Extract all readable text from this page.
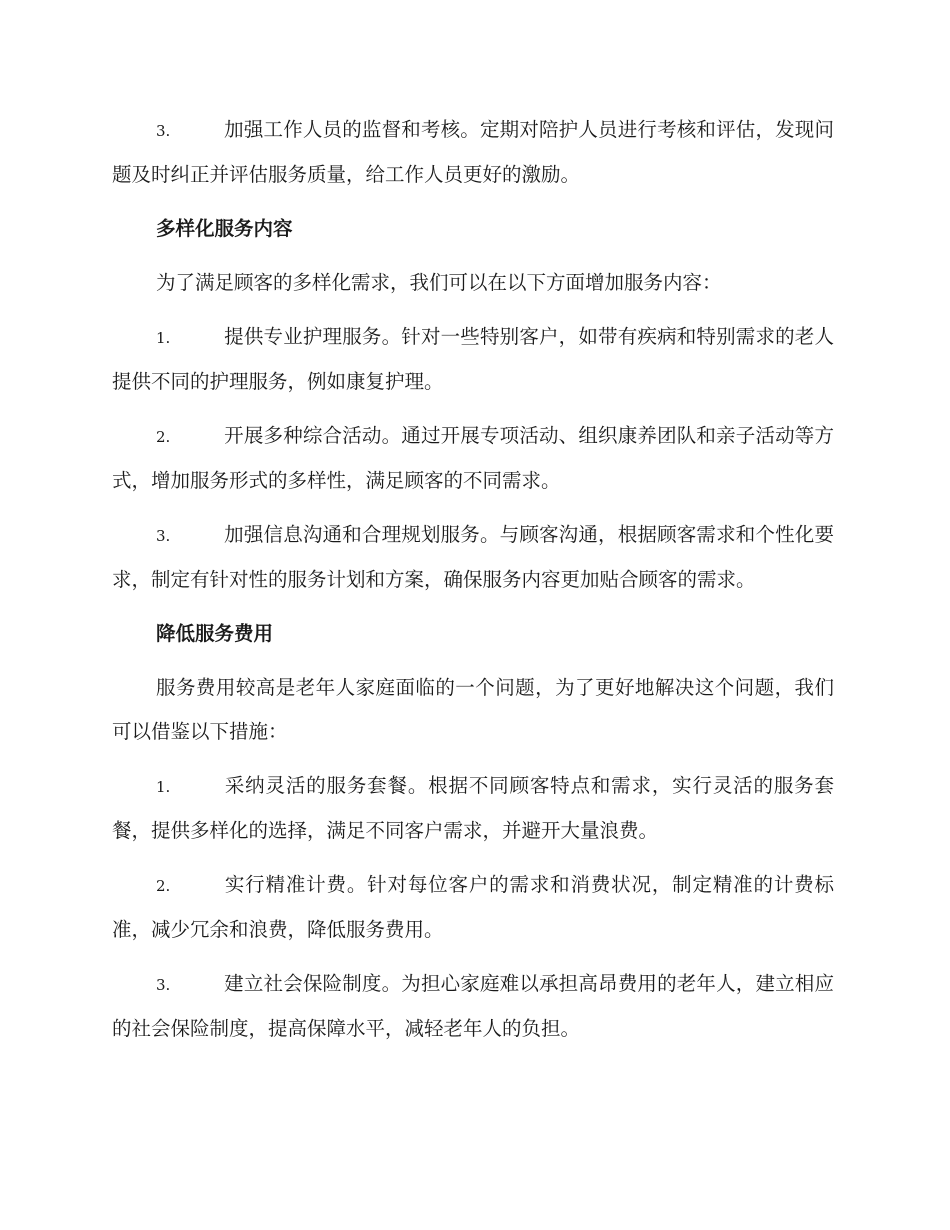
3.	加强工作人员的监督和考核。定期对陪护人员进行考核和评估，发现问题及时纠正并评估服务质量，给工作人员更好的激励。

多样化服务内容

为了满足顾客的多样化需求，我们可以在以下方面增加服务内容：

1.	提供专业护理服务。针对一些特别客户，如带有疾病和特别需求的老人提供不同的护理服务，例如康复护理。

2.	开展多种综合活动。通过开展专项活动、组织康养团队和亲子活动等方式，增加服务形式的多样性，满足顾客的不同需求。

3.	加强信息沟通和合理规划服务。与顾客沟通，根据顾客需求和个性化要求，制定有针对性的服务计划和方案，确保服务内容更加贴合顾客的需求。

降低服务费用

服务费用较高是老年人家庭面临的一个问题，为了更好地解决这个问题，我们可以借鉴以下措施：

1.	采纳灵活的服务套餐。根据不同顾客特点和需求，实行灵活的服务套餐，提供多样化的选择，满足不同客户需求，并避开大量浪费。

2.	实行精准计费。针对每位客户的需求和消费状况，制定精准的计费标准，减少冗余和浪费，降低服务费用。

3.	建立社会保险制度。为担心家庭难以承担高昂费用的老年人，建立相应的社会保险制度，提高保障水平，减轻老年人的负担。
